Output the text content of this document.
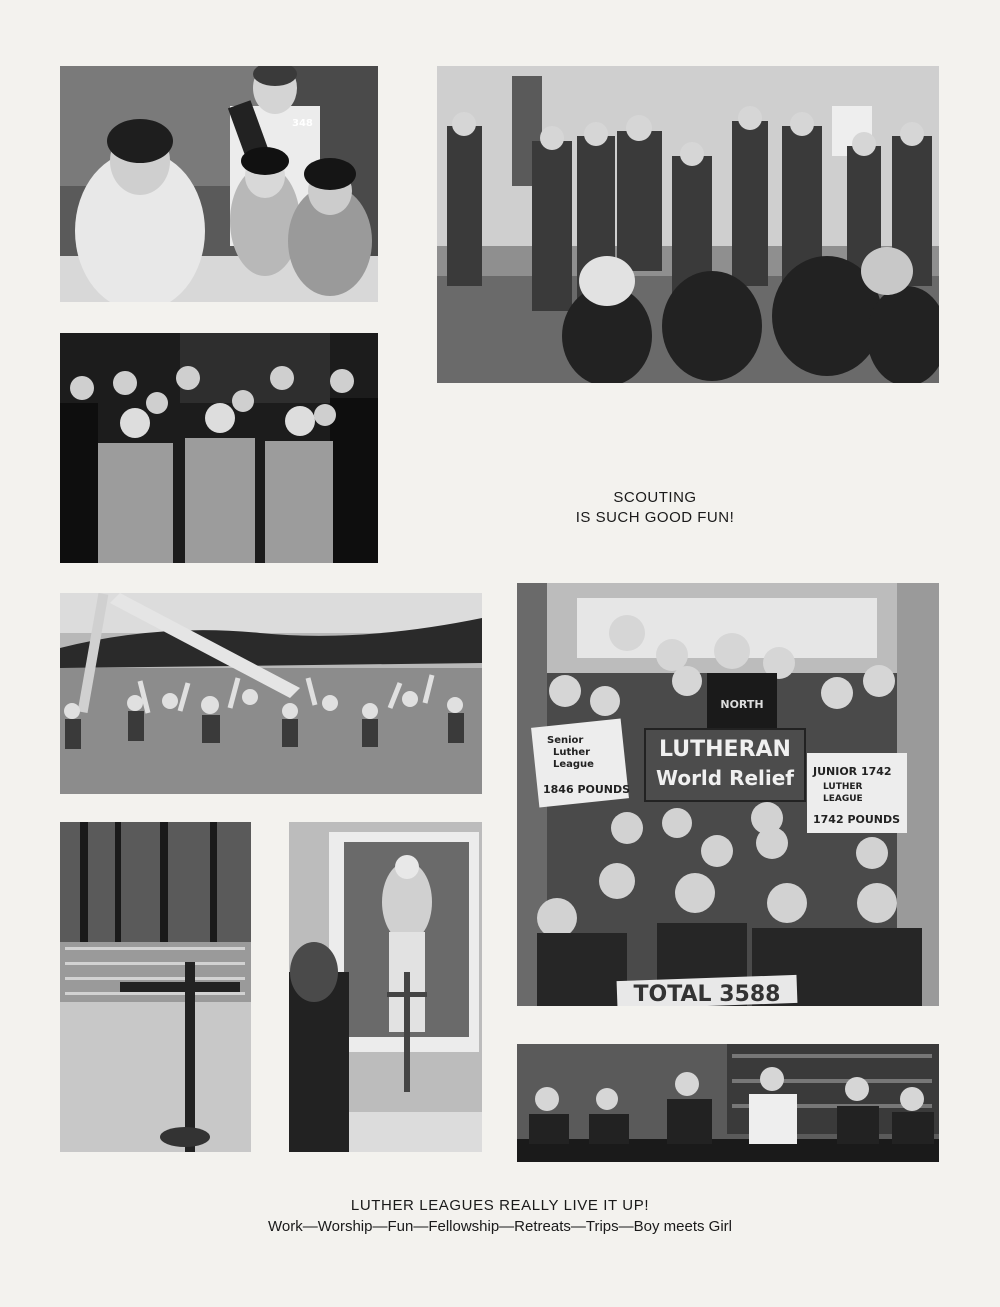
348
SCOUTING
IS SUCH GOOD FUN!
NORTH
LUTHERAN
World Relief
Senior
Luther
League
1846 POUNDS
JUNIOR 1742
LUTHER
LEAGUE
1742 POUNDS
TOTAL 3588
LUTHER LEAGUES REALLY LIVE IT UP!
Work—Worship—Fun—Fellowship—Retreats—Trips—Boy meets Girl
